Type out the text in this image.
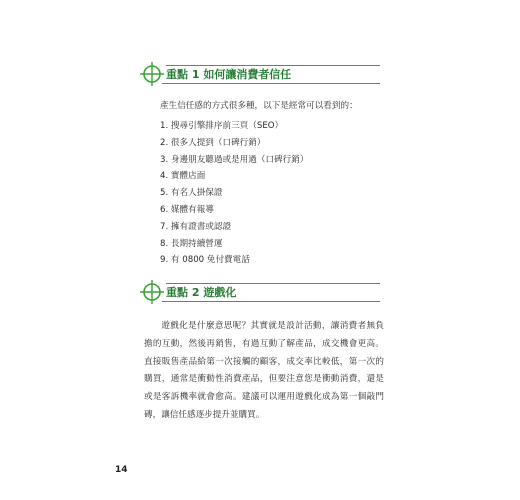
重點 1 如何讓消費者信任
產生信任感的方式很多種，以下是經常可以看到的：
1. 搜尋引擎排序前三頁（SEO）
2. 很多人提到（口碑行銷）
3. 身邊朋友聽過或是用過（口碑行銷）
4. 實體店面
5. 有名人掛保證
6. 媒體有報導
7. 擁有證書或認證
8. 長期持續營運
9. 有 0800 免付費電話
重點 2 遊戲化
遊戲化是什麼意思呢？其實就是設計活動，讓消費者無負擔的互動，然後再銷售，有過互動了解產品，成交機會更高。直接販售產品給第一次接觸的顧客，成交率比較低，第一次的購買，通常是衝動性消費產品，但要注意您是衝動消費，還是或是客訴機率就會愈高。建議可以運用遊戲化成為第一個敲門磚，讓信任感逐步提升並購買。
14
